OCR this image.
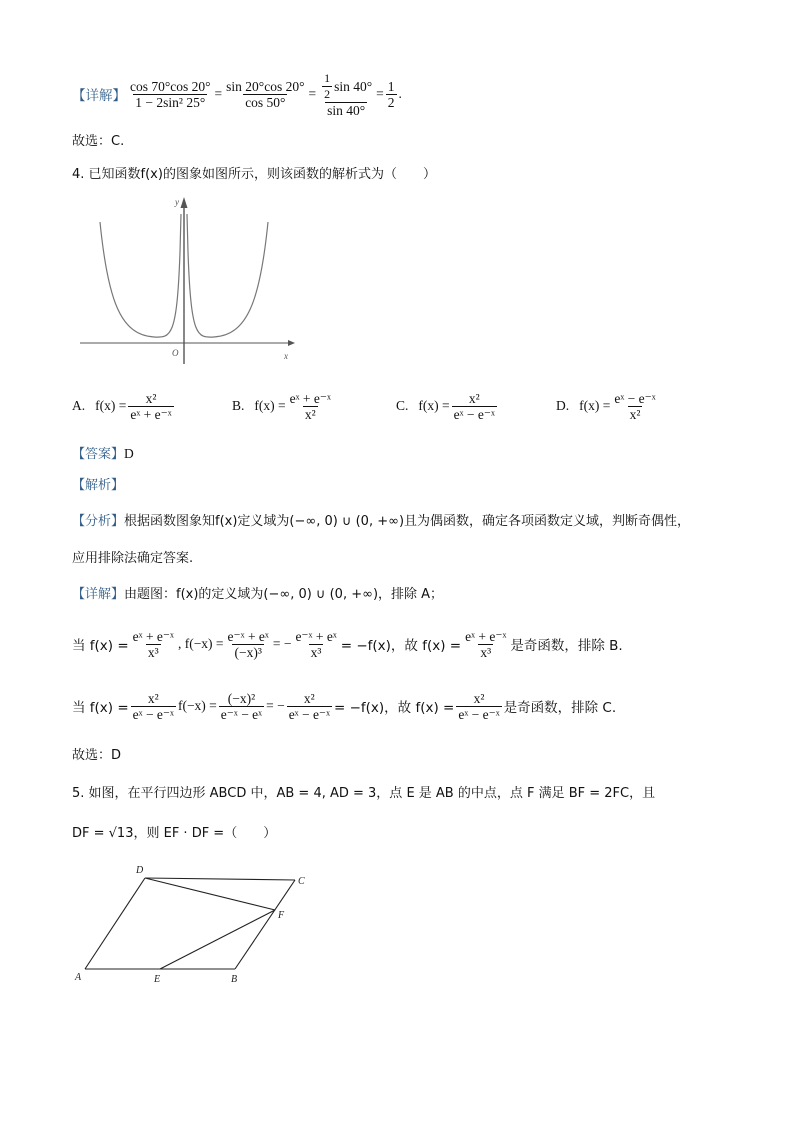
【详解】 $\frac{\cos 70^\circ\cos 20^\circ}{\text{1 − 2sin² 25°}} = \frac{\sin 20^\circ\cos 20^\circ}{\cos 50^\circ} = \frac{\frac{1}{2} \sin 40^\circ}{\sin 40^\circ} = \frac{1}{2}$ .
故选：C.
4. 已知函数f(x)的图象如图所示，则该函数的解析式为（　　）
y
O	x
A. $f(x) = \frac{\text{x²}}{\text{eˣ + e⁻ˣ}}$	B. $f(x) = \frac{\text{eˣ + e⁻ˣ}}{\text{x²}}$	C. $f(x) = \frac{\text{x²}}{\text{eˣ − e⁻ˣ}}$	D. $f(x) = \frac{\text{eˣ − e⁻ˣ}}{\text{x²}}$
【答案】D
【解析】
【分析】根据函数图象知f(x)定义域为(−∞, 0) ∪ (0, +∞)且为偶函数，确定各项函数定义域，判断奇偶性，
应用排除法确定答案.
【详解】由题图：f(x)的定义域为(−∞, 0) ∪ (0, +∞)，排除 A；
当 $f(x) = \frac{\text{eˣ + e⁻ˣ}}{\text{x³}}$ , $f(-x) = \frac{\text{e⁻ˣ + eˣ}}{\text{(−x)³}}$ = − $\frac{\text{e⁻ˣ + eˣ}}{\text{x³}} = -f(x)$，故 $f(x) = \frac{\text{eˣ + e⁻ˣ}}{\text{x³}}$ 是奇函数，排除 B.
当 $f(x) = \frac{\text{x²}}{\text{eˣ − e⁻ˣ}} f(-x) = \frac{\text{(−x)²}}{\text{e⁻ˣ − eˣ}}$ = − $\frac{\text{x²}}{\text{eˣ − e⁻ˣ}} = -f(x)$，故 $f(x) = \frac{\text{x²}}{\text{eˣ − e⁻ˣ}}$ 是奇函数，排除 C.
故选：D
5. 如图，在平行四边形 ABCD 中，AB = 4, AD = 3，点 E 是 AB 的中点，点 F 满足 BF = 2FC，且
DF = √13，则 EF · DF =（　　）
A	E	B
C
D
F
